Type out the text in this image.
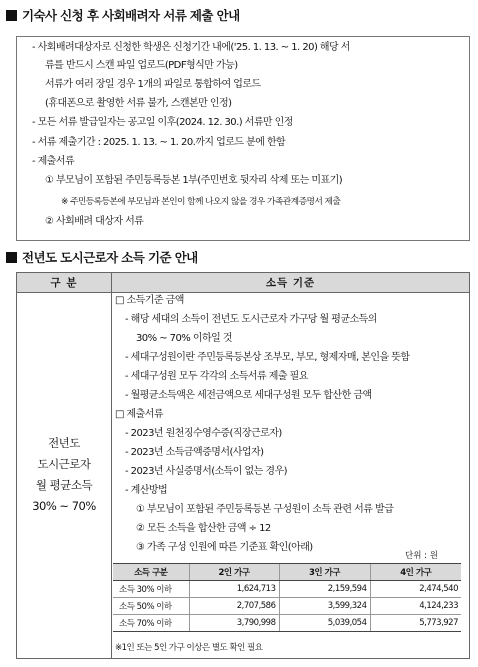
기숙사 신청 후 사회배려자 서류 제출 안내
- 사회배려대상자로 신청한 학생은 신청기간 내에('25. 1. 13. ~ 1. 20) 해당 서
류를 반드시 스캔 파일 업로드(PDF형식만 가능)
서류가 여러 장일 경우 1개의 파일로 통합하여 업로드
(휴대폰으로 촬영한 서류 불가, 스캔본만 인정)
- 모든 서류 발급일자는 공고일 이후(2024. 12. 30.) 서류만 인정
- 서류 제출기간 : 2025. 1. 13. ~ 1. 20.까지 업로드 분에 한함
- 제출서류
① 부모님이 포함된 주민등록등본 1부(주민번호 뒷자리 삭제 또는 미표기)
※ 주민등록등본에 부모님과 본인이 함께 나오지 않을 경우 가족관계증명서 제출
② 사회배려 대상자 서류
전년도 도시근로자 소득 기준 안내
구 분	소득 기준
전년도
도시근로자
월 평균소득
30% ~ 70%
□ 소득기준 금액
- 해당 세대의 소득이 전년도 도시근로자 가구당 월 평균소득의
30% ~ 70% 이하일 것
- 세대구성원이란 주민등록등본상 조부모, 부모, 형제자매, 본인을 뜻함
- 세대구성원 모두 각각의 소득서류 제출 필요
- 월평균소득액은 세전금액으로 세대구성원 모두 합산한 금액
□ 제출서류
- 2023년 원천징수영수증(직장근로자)
- 2023년 소득금액증명서(사업자)
- 2023년 사실증명서(소득이 없는 경우)
- 계산방법
① 부모님이 포함된 주민등록등본 구성원이 소득 관련 서류 발급
② 모든 소득을 합산한 금액 ÷ 12
③ 가족 구성 인원에 따른 기준표 확인(아래)
단위 : 원
소득 구분	2인 가구	3인 가구	4인 가구
소득 30% 이하	1,624,713	2,159,594	2,474,540
소득 50% 이하	2,707,586	3,599,324	4,124,233
소득 70% 이하	3,790,998	5,039,054	5,773,927
※1인 또는 5인 가구 이상은 별도 확인 필요
